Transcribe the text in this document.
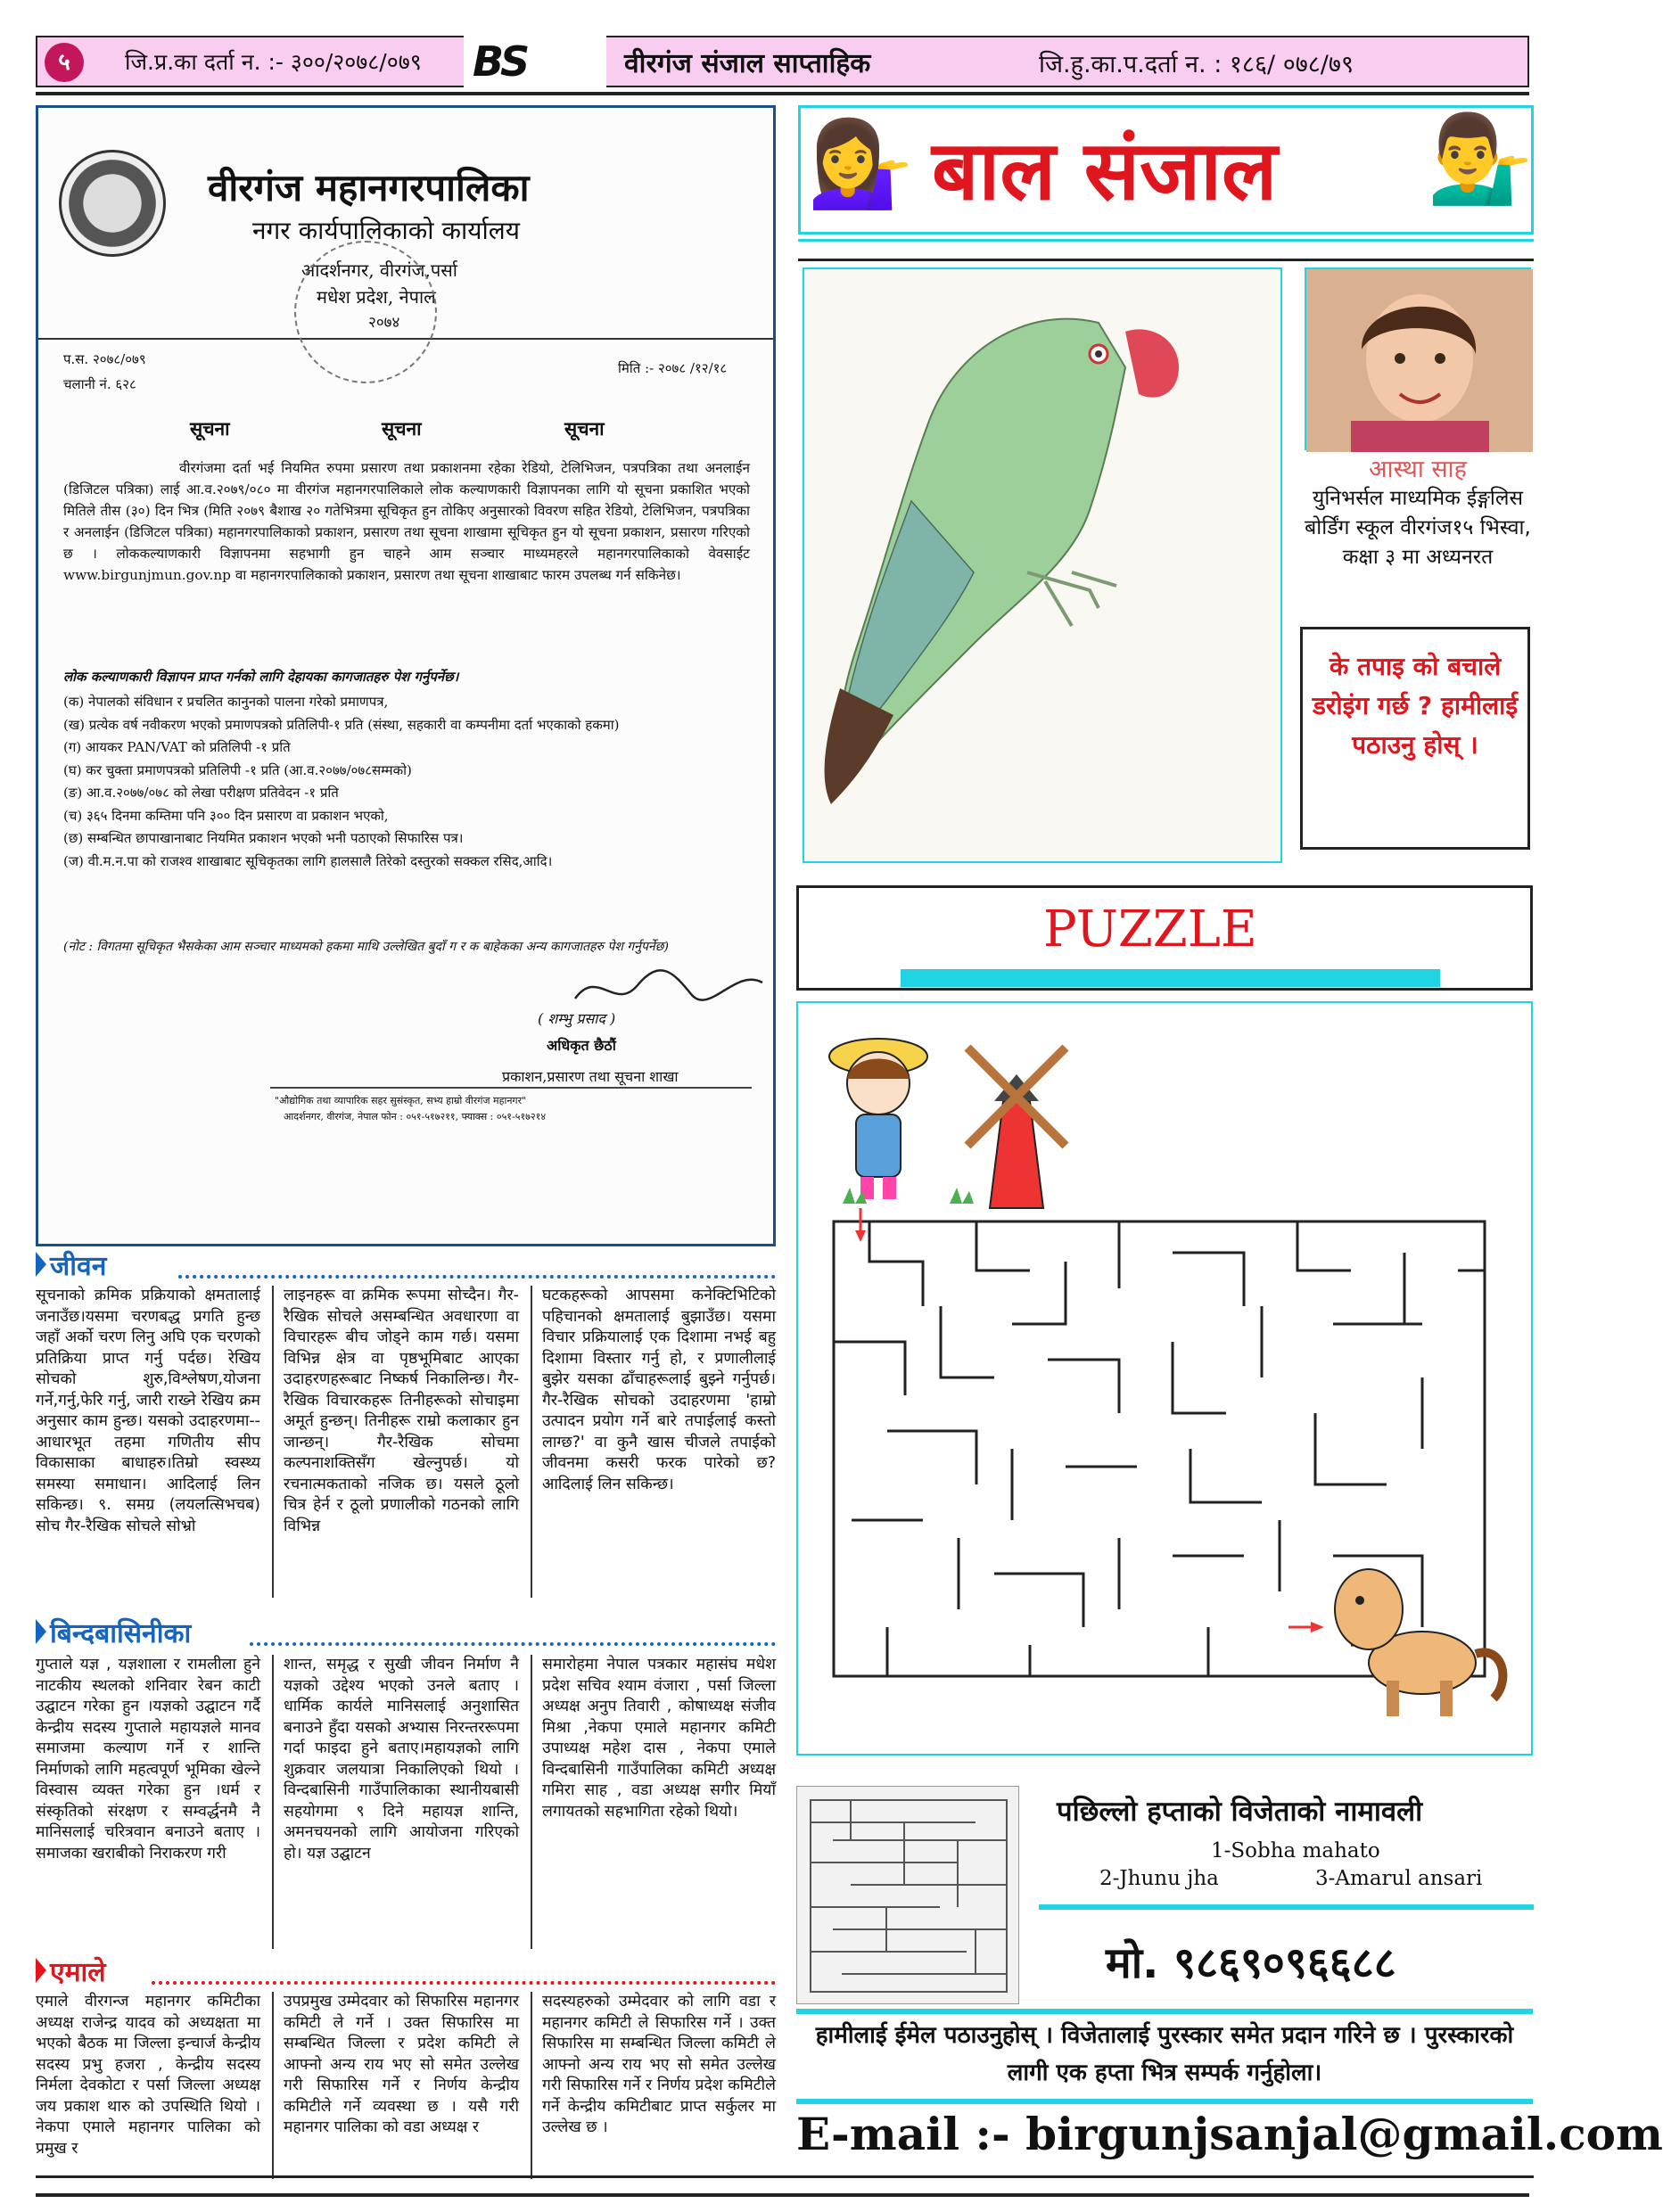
५	जि.प्र.का दर्ता न. :- ३००/२०७८/०७९ BS	वीरगंज संजाल साप्ताहिक	जि.हु.का.प.दर्ता न. : १८६/ ०७८/७९
वीरगंज महानगरपालिका
नगर कार्यपालिकाको कार्यालय
आदर्शनगर, वीरगंज,पर्सा
मधेश प्रदेश, नेपाल
२०७४
प.स. २०७८/०७९
चलानी नं. ६२८
मिति :- २०७८ /१२/१८
सूचना	सूचना	सूचना
वीरगंजमा दर्ता भई नियमित रुपमा प्रसारण तथा प्रकाशनमा रहेका रेडियो, टेलिभिजन, पत्रपत्रिका तथा अनलाईन (डिजिटल पत्रिका) लाई आ.व.२०७९/०८० मा वीरगंज महानगरपालिकाले लोक कल्याणकारी विज्ञापनका लागि यो सूचना प्रकाशित भएको मितिले तीस (३०) दिन भित्र (मिति २०७९ बैशाख २० गतेभित्रमा सूचिकृत हुन तोकिए अनुसारको विवरण सहित रेडियो, टेलिभिजन, पत्रपत्रिका र अनलाईन (डिजिटल पत्रिका) महानगरपालिकाको प्रकाशन, प्रसारण तथा सूचना शाखामा सूचिकृत हुन यो सूचना प्रकाशन, प्रसारण गरिएको छ । लोककल्याणकारी विज्ञापनमा सहभागी हुन चाहने आम सञ्चार माध्यमहरले महानगरपालिकाको वेवसाईट www.birgunjmun.gov.np वा महानगरपालिकाको प्रकाशन, प्रसारण तथा सूचना शाखाबाट फारम उपलब्ध गर्न सकिनेछ।
लोक कल्याणकारी विज्ञापन प्राप्त गर्नको लागि देहायका कागजातहरु पेश गर्नुपर्नेछ।

(क) नेपालको संविधान र प्रचलित कानुनको पालना गरेको प्रमाणपत्र,

(ख) प्रत्येक वर्ष नवीकरण भएको प्रमाणपत्रको प्रतिलिपी-१ प्रति (संस्था, सहकारी वा कम्पनीमा दर्ता भएकाको हकमा)

(ग) आयकर PAN/VAT को प्रतिलिपी -१ प्रति

(घ) कर चुक्ता प्रमाणपत्रको प्रतिलिपी -१ प्रति (आ.व.२०७७/०७८सम्मको)

(ङ) आ.व.२०७७/०७८ को लेखा परीक्षण प्रतिवेदन -१ प्रति

(च) ३६५ दिनमा कम्तिमा पनि ३०० दिन प्रसारण वा प्रकाशन भएको,

(छ) सम्बन्धित छापाखानाबाट नियमित प्रकाशन भएको भनी पठाएको सिफारिस पत्र।

(ज) वी.म.न.पा को राजश्व शाखाबाट सूचिकृतका लागि हालसालै तिरेको दस्तुरको सक्कल रसिद,आदि।

(नोट : विगतमा सूचिकृत भैसकेका आम सञ्चार माध्यमको हकमा माथि उल्लेखित बुदाँ ग र क बाहेकका अन्य कागजातहरु पेश गर्नुपर्नेछ)
( शम्भु प्रसाद )
अधिकृत छैठौं
प्रकाशन,प्रसारण तथा सूचना शाखा
"औद्योगिक तथा व्यापारिक सहर सुसंस्कृत, सभ्य हाम्रो वीरगंज महानगर"
आदर्शनगर, वीरगंज, नेपाल फोन : ०५१-५१७२११, फ्याक्स : ०५१-५१७२१४
जीवन
सूचनाको क्रमिक प्रक्रियाको क्षमतालाई जनाउँछ।यसमा चरणबद्ध प्रगति हुन्छ जहाँ अर्को चरण लिनु अघि एक चरणको प्रतिक्रिया प्राप्त गर्नु पर्दछ। रेखिय सोचको शुरु,विश्लेषण,योजना गर्ने,गर्नु,फेरि गर्नु, जारी राख्ने रेखिय क्रम अनुसार काम हुन्छ। यसको उदाहरणमा-- आधारभूत तहमा गणितीय सीप विकासाका बाधाहरु।तिम्रो स्वस्थ्य समस्या समाधान। आदिलाई लिन सकिन्छ। ९. समग्र (लयलत्सिभचब) सोच गैर-रैखिक सोचले सोभ्रो
लाइनहरू वा क्रमिक रूपमा सोच्दैन। गैर-रैखिक सोचले असम्बन्धित अवधारणा वा विचारहरू बीच जोड्ने काम गर्छ। यसमा विभिन्न क्षेत्र वा पृष्ठभूमिबाट आएका उदाहरणहरूबाट निष्कर्ष निकालिन्छ। गैर-रैखिक विचारकहरू तिनीहरूको सोचाइमा अमूर्त हुन्छन्। तिनीहरू राम्रो कलाकार हुन जान्छन्। गैर-रैखिक सोचमा कल्पनाशक्तिसँग खेल्नुपर्छ। यो रचनात्मकताको नजिक छ। यसले ठूलो चित्र हेर्न र ठूलो प्रणालीको गठनको लागि विभिन्न
घटकहरूको आपसमा कनेक्टिभिटिको पहिचानको क्षमतालाई बुझाउँछ। यसमा विचार प्रक्रियालाई एक दिशामा नभई बहु दिशामा विस्तार गर्नु हो, र प्रणालीलाई बुझेर यसका ढाँचाहरूलाई बुझ्ने गर्नुपर्छ। गैर-रैखिक सोचको उदाहरणमा 'हाम्रो उत्पादन प्रयोग गर्ने बारे तपाईलाई कस्तो लाग्छ?' वा कुनै खास चीजले तपाईको जीवनमा कसरी फरक पारेको छ? आदिलाई लिन सकिन्छ।
बिन्दबासिनीका
गुप्ताले यज्ञ , यज्ञशाला र रामलीला हुने नाटकीय स्थलको शनिवार रेबन काटी उद्घाटन गरेका हुन ।यज्ञको उद्घाटन गर्दै केन्द्रीय सदस्य गुप्ताले महायज्ञले मानव समाजमा कल्याण गर्ने र शान्ति निर्माणको लागि महत्वपूर्ण भूमिका खेल्ने विस्वास व्यक्त गरेका हुन ।धर्म र संस्कृतिको संरक्षण र सम्वर्द्धनमै नै मानिसलाई चरित्रवान बनाउने बताए । समाजका खराबीको निराकरण गरी
शान्त, समृद्ध र सुखी जीवन निर्माण नै यज्ञको उद्देश्य भएको उनले बताए । धार्मिक कार्यले मानिसलाई अनुशासित बनाउने हुँदा यसको अभ्यास निरन्तररूपमा गर्दा फाइदा हुने बताए।महायज्ञको लागि शुक्रवार जलयात्रा निकालिएको थियो । विन्दबासिनी गाउँपालिकाका स्थानीयबासी सहयोगमा ९ दिने महायज्ञ शान्ति, अमनचयनको लागि आयोजना गरिएको हो। यज्ञ उद्घाटन
समारोहमा नेपाल पत्रकार महासंघ मधेश प्रदेश सचिव श्याम वंजारा , पर्सा जिल्ला अध्यक्ष अनुप तिवारी , कोषाध्यक्ष संजीव मिश्रा ,नेकपा एमाले महानगर कमिटी उपाध्यक्ष महेश दास , नेकपा एमाले विन्दबासिनी गाउँपालिका कमिटी अध्यक्ष गमिरा साह , वडा अध्यक्ष सगीर मियाँ लगायतको सहभागिता रहेको थियो।
एमाले
एमाले वीरगन्ज महानगर कमिटीका अध्यक्ष राजेन्द्र यादव को अध्यक्षता मा भएको बैठक मा जिल्ला इन्चार्ज केन्द्रीय सदस्य प्रभु हजरा , केन्द्रीय सदस्य निर्मला देवकोटा र पर्सा जिल्ला अध्यक्ष जय प्रकाश थारु को उपस्थिति थियो । नेकपा एमाले महानगर पालिका को प्रमुख र
उपप्रमुख उम्मेदवार को सिफारिस महानगर कमिटी ले गर्ने । उक्त सिफारिस मा सम्बन्धित जिल्ला र प्रदेश कमिटी ले आफ्नो अन्य राय भए सो समेत उल्लेख गरी सिफारिस गर्ने र निर्णय केन्द्रीय कमिटीले गर्ने व्यवस्था छ । यसै गरी महानगर पालिका को वडा अध्यक्ष र
सदस्यहरुको उम्मेदवार को लागि वडा र महानगर कमिटी ले सिफारिस गर्ने । उक्त सिफारिस मा सम्बन्धित जिल्ला कमिटी ले आफ्नो अन्य राय भए सो समेत उल्लेख गरी सिफारिस गर्ने र निर्णय प्रदेश कमिटीले गर्ने केन्द्रीय कमिटीबाट प्राप्त सर्कुलर मा उल्लेख छ ।
💁‍♀️ बाल संजाल 💁‍♂️
आस्था साह
युनिभर्सल माध्यमिक ईङ्गलिस बोर्डिंग स्कूल वीरगंज१५ भिस्वा, कक्षा ३ मा अध्यनरत
के तपाइ को बचाले डरोइंग गर्छ ? हामीलाई पठाउनु होस् ।
PUZZLE
पछिल्लो हप्ताको विजेताको नामावली
1-Sobha mahato
2-Jhunu jha	3-Amarul ansari
मो. ९८६९०९६६८८
हामीलाई ईमेल पठाउनुहोस् । विजेतालाई पुरस्कार समेत प्रदान गरिने छ । पुरस्कारको लागी एक हप्ता भित्र सम्पर्क गर्नुहोला।
E-mail :- birgunjsanjal@gmail.com
